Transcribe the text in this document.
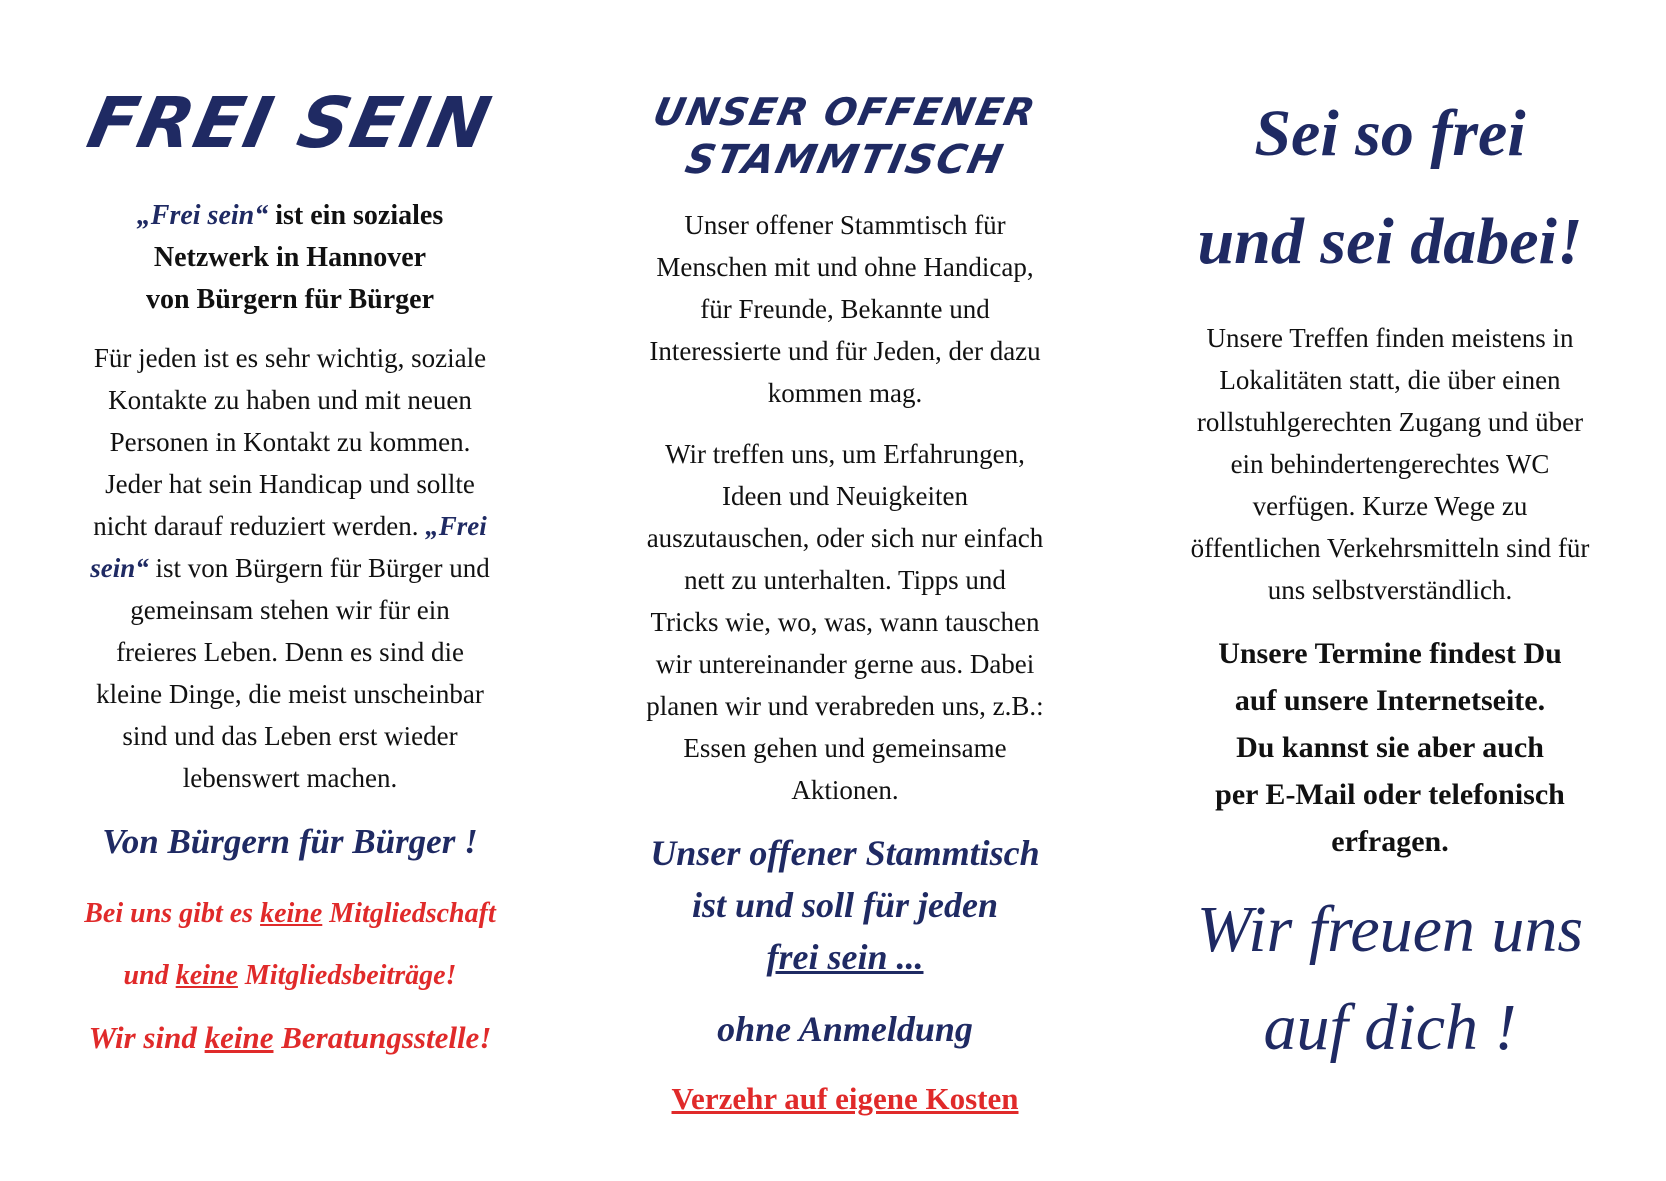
FREI SEIN
„Frei sein“ ist ein soziales
Netzwerk in Hannover
von Bürgern für Bürger
Für jeden ist es sehr wichtig, soziale
Kontakte zu haben und mit neuen
Personen in Kontakt zu kommen.
Jeder hat sein Handicap und sollte
nicht darauf reduziert werden. „Frei
sein“ ist von Bürgern für Bürger und
gemeinsam stehen wir für ein
freieres Leben. Denn es sind die
kleine Dinge, die meist unscheinbar
sind und das Leben erst wieder
lebenswert machen.
Von Bürgern für Bürger !
Bei uns gibt es keine Mitgliedschaft
und keine Mitgliedsbeiträge!
Wir sind keine Beratungsstelle!
UNSER OFFENER
STAMMTISCH
Unser offener Stammtisch für
Menschen mit und ohne Handicap,
für Freunde, Bekannte und
Interessierte und für Jeden, der dazu
kommen mag.
Wir treffen uns, um Erfahrungen,
Ideen und Neuigkeiten
auszutauschen, oder sich nur einfach
nett zu unterhalten. Tipps und
Tricks wie, wo, was, wann tauschen
wir untereinander gerne aus. Dabei
planen wir und verabreden uns, z.B.:
Essen gehen und gemeinsame
Aktionen.
Unser offener Stammtisch
ist und soll für jeden
frei sein ...
ohne Anmeldung
Verzehr auf eigene Kosten
Sei so frei
und sei dabei!
Unsere Treffen finden meistens in
Lokalitäten statt, die über einen
rollstuhlgerechten Zugang und über
ein behindertengerechtes WC
verfügen. Kurze Wege zu
öffentlichen Verkehrsmitteln sind für
uns selbstverständlich.
Unsere Termine findest Du
auf unsere Internetseite.
Du kannst sie aber auch
per E-Mail oder telefonisch
erfragen.
Wir freuen uns
auf dich !
